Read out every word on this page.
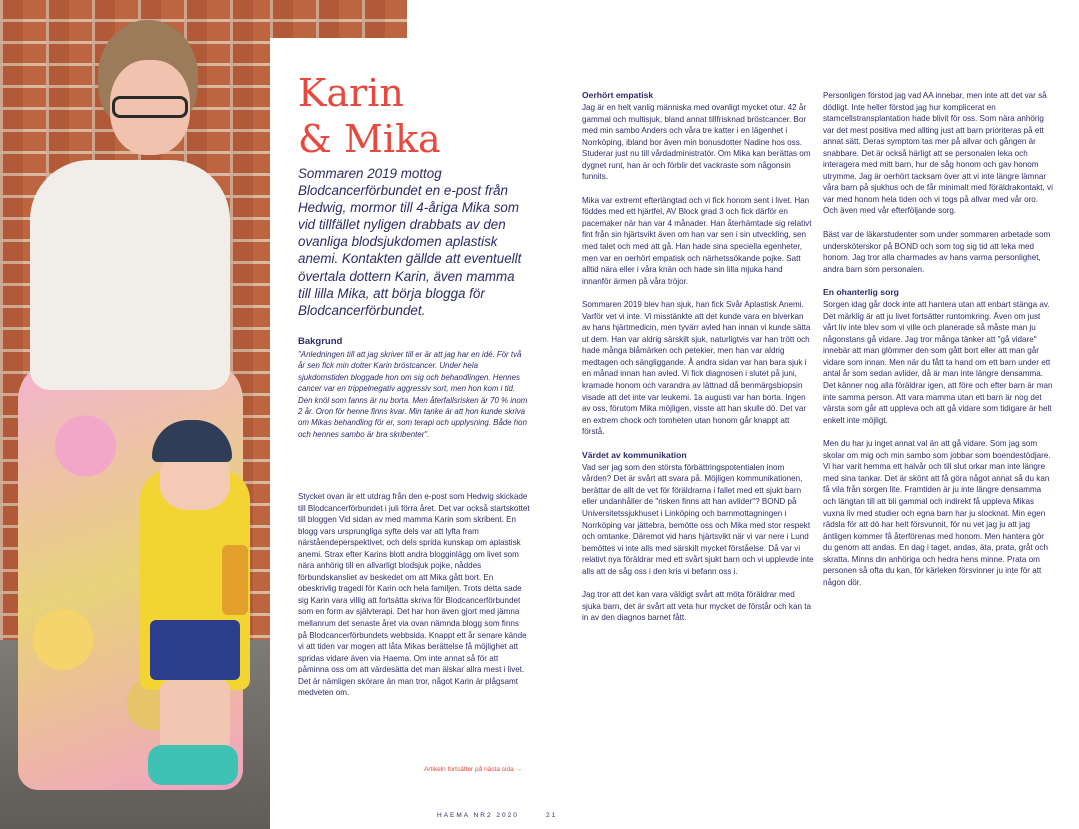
Karin
& Mika

Sommaren 2019 mottog Blodcancerförbundet en e-post från Hedwig, mormor till 4-åriga Mika som vid tillfället nyligen drabbats av den ovanliga blodsjukdomen aplastisk anemi. Kontakten gällde att eventuellt övertala dottern Karin, även mamma till lilla Mika, att börja blogga för Blodcancerförbundet.

Bakgrund

"Anledningen till att jag skriver till er är att jag har en idé. För två år sen fick min dotter Karin bröstcancer. Under hela sjukdomstiden bloggade hon om sig och behandlingen. Hennes cancer var en trippelnegativ aggressiv sort, men hon kom i tid. Den knöl som fanns är nu borta. Men återfallsrisken är 70 % inom 2 år. Oron för henne finns kvar. Min tanke är att hon kunde skriva om Mikas behandling för er, som terapi och upplysning. Både hon och hennes sambo är bra skribenter".

Stycket ovan är ett utdrag från den e-post som Hedwig skickade till Blodcancerförbundet i juli förra året. Det var också startskottet till bloggen Vid sidan av med mamma Karin som skribent. En blogg vars ursprungliga syfte dels var att lyfta fram närståendeperspektivet, och dels sprida kunskap om aplastisk anemi. Strax efter Karins blott andra blogginlägg om livet som nära anhörig till en allvarligt blodsjuk pojke, nåddes förbundskansliet av beskedet om att Mika gått bort. En obeskrivlig tragedi för Karin och hela familjen. Trots detta sade sig Karin vara villig att fortsätta skriva för Blodcancerförbundet som en form av självterapi. Det har hon även gjort med jämna mellanrum det senaste året via ovan nämnda blogg som finns på Blodcancerförbundets webbsida. Knappt ett år senare kände vi att tiden var mogen att låta Mikas berättelse få möjlighet att spridas vidare även via Haema. Om inte annat så för att påminna oss om att värdesätta det man älskar allra mest i livet. Det är nämligen skörare än man tror, något Karin är plågsamt medveten om.

Artikeln fortsätter på nästa sida →

Oerhört empatisk

Jag är en helt vanlig människa med ovanligt mycket otur. 42 år gammal och multisjuk, bland annat tillfrisknad bröstcancer. Bor med min sambo Anders och våra tre katter i en lägenhet i Norrköping, ibland bor även min bonusdotter Nadine hos oss. Studerar just nu till vårdadministratör. Om Mika kan berättas om dygnet runt, han är och förblir det vackraste som någonsin funnits.

Mika var extremt efterlängtad och vi fick honom sent i livet. Han föddes med ett hjärtfel, AV Block grad 3 och fick därför en pacemaker när han var 4 månader. Han återhämtade sig relativt fint från sin hjärtsvikt även om han var sen i sin utveckling, sen med talet och med att gå. Han hade sina speciella egenheter, men var en oerhört empatisk och närhetssökande pojke. Satt alltid nära eller i våra knän och hade sin lilla mjuka hand innanför ärmen på våra tröjor.

Sommaren 2019 blev han sjuk, han fick Svår Aplastisk Anemi. Varför vet vi inte. Vi misstänkte att det kunde vara en biverkan av hans hjärtmedicin, men tyvärr avled han innan vi kunde sätta ut dem. Han var aldrig särskilt sjuk, naturligtvis var han trött och hade många blåmärken och petekier, men han var aldrig medtagen och sängliggande. Å andra sidan var han bara sjuk i en månad innan han avled. Vi fick diagnosen i slutet på juni, kramade honom och varandra av lättnad då benmärgsbiopsin visade att det inte var leukemi. 1a augusti var han borta. Ingen av oss, förutom Mika möjligen, visste att han skulle dö. Det var en extrem chock och tomheten utan honom går knappt att förstå.

Värdet av kommunikation

Vad ser jag som den största förbättringspotentialen inom vården? Det är svårt att svara på. Möjligen kommunikationen, berättar de allt de vet för föräldrarna i fallet med ett sjukt barn eller undanhåller de "risken finns att han avlider"? BOND på Universitetssjukhuset i Linköping och barnmottagningen i Norrköping var jättebra, bemötte oss och Mika med stor respekt och omtanke. Däremot vid hans hjärtsvikt när vi var nere i Lund bemöttes vi inte alls med särskilt mycket förståelse. Då var vi relativt nya föräldrar med ett svårt sjukt barn och vi upplevde inte alls att de såg oss i den kris vi befann oss i.

Jag tror att det kan vara väldigt svårt att möta föräldrar med sjuka barn, det är svårt att veta hur mycket de förstår och kan ta in av den diagnos barnet fått.

Personligen förstod jag vad AA innebar, men inte att det var så dödligt. Inte heller förstod jag hur komplicerat en stamcellstransplantation hade blivit för oss. Som nära anhörig var det mest positiva med allting just att barn prioriteras på ett annat sätt. Deras symptom tas mer på allvar och gången är snabbare. Det är också härligt att se personalen leka och interagera med mitt barn, hur de såg honom och gav honom utrymme. Jag är oerhört tacksam över att vi inte längre lämnar våra barn på sjukhus och de får minimalt med föräldrakontakt, vi var med honom hela tiden och vi togs på allvar med vår oro. Och även med vår efterföljande sorg.

Bäst var de läkarstudenter som under sommaren arbetade som undersköterskor på BOND och som tog sig tid att leka med honom. Jag tror alla charmades av hans varma personlighet, andra barn som personalen.

En ohanterlig sorg

Sorgen idag går dock inte att hantera utan att enbart stänga av. Det märklig är att ju livet fortsätter runtomkring. Även om just vårt liv inte blev som vi ville och planerade så måste man ju någonstans gå vidare. Jag tror många tänker att "gå vidare" innebär att man glömmer den som gått bort eller att man går vidare som innan. Men när du fått ta hand om ett barn under ett antal år som sedan avlider, då är man inte längre densamma. Det känner nog alla föräldrar igen, att före och efter barn är man inte samma person. Att vara mamma utan ett barn är nog det värsta som går att uppleva och att gå vidare som tidigare är helt enkelt inte möjligt.

Men du har ju inget annat val än att gå vidare. Som jag som skolar om mig och min sambo som jobbar som boendestödjare. Vi har varit hemma ett halvår och till slut orkar man inte längre med sina tankar. Det är skönt att få göra något annat så du kan få vila från sorgen lite. Framtiden är ju inte längre densamma och längtan till att bli gammal och indirekt få uppleva Mikas vuxna liv med studier och egna barn har ju slocknat. Min egen rädsla för att dö har helt försvunnit, för nu vet jag ju att jag äntligen kommer få återförenas med honom. Men hantera gör du genom att andas. En dag i taget, andas, äta, prata, gråt och skratta. Minns din anhöriga och hedra hens minne. Prata om personen så ofta du kan, för kärleken försvinner ju inte för att någon dör.

HAEMA NR2 2020	21
